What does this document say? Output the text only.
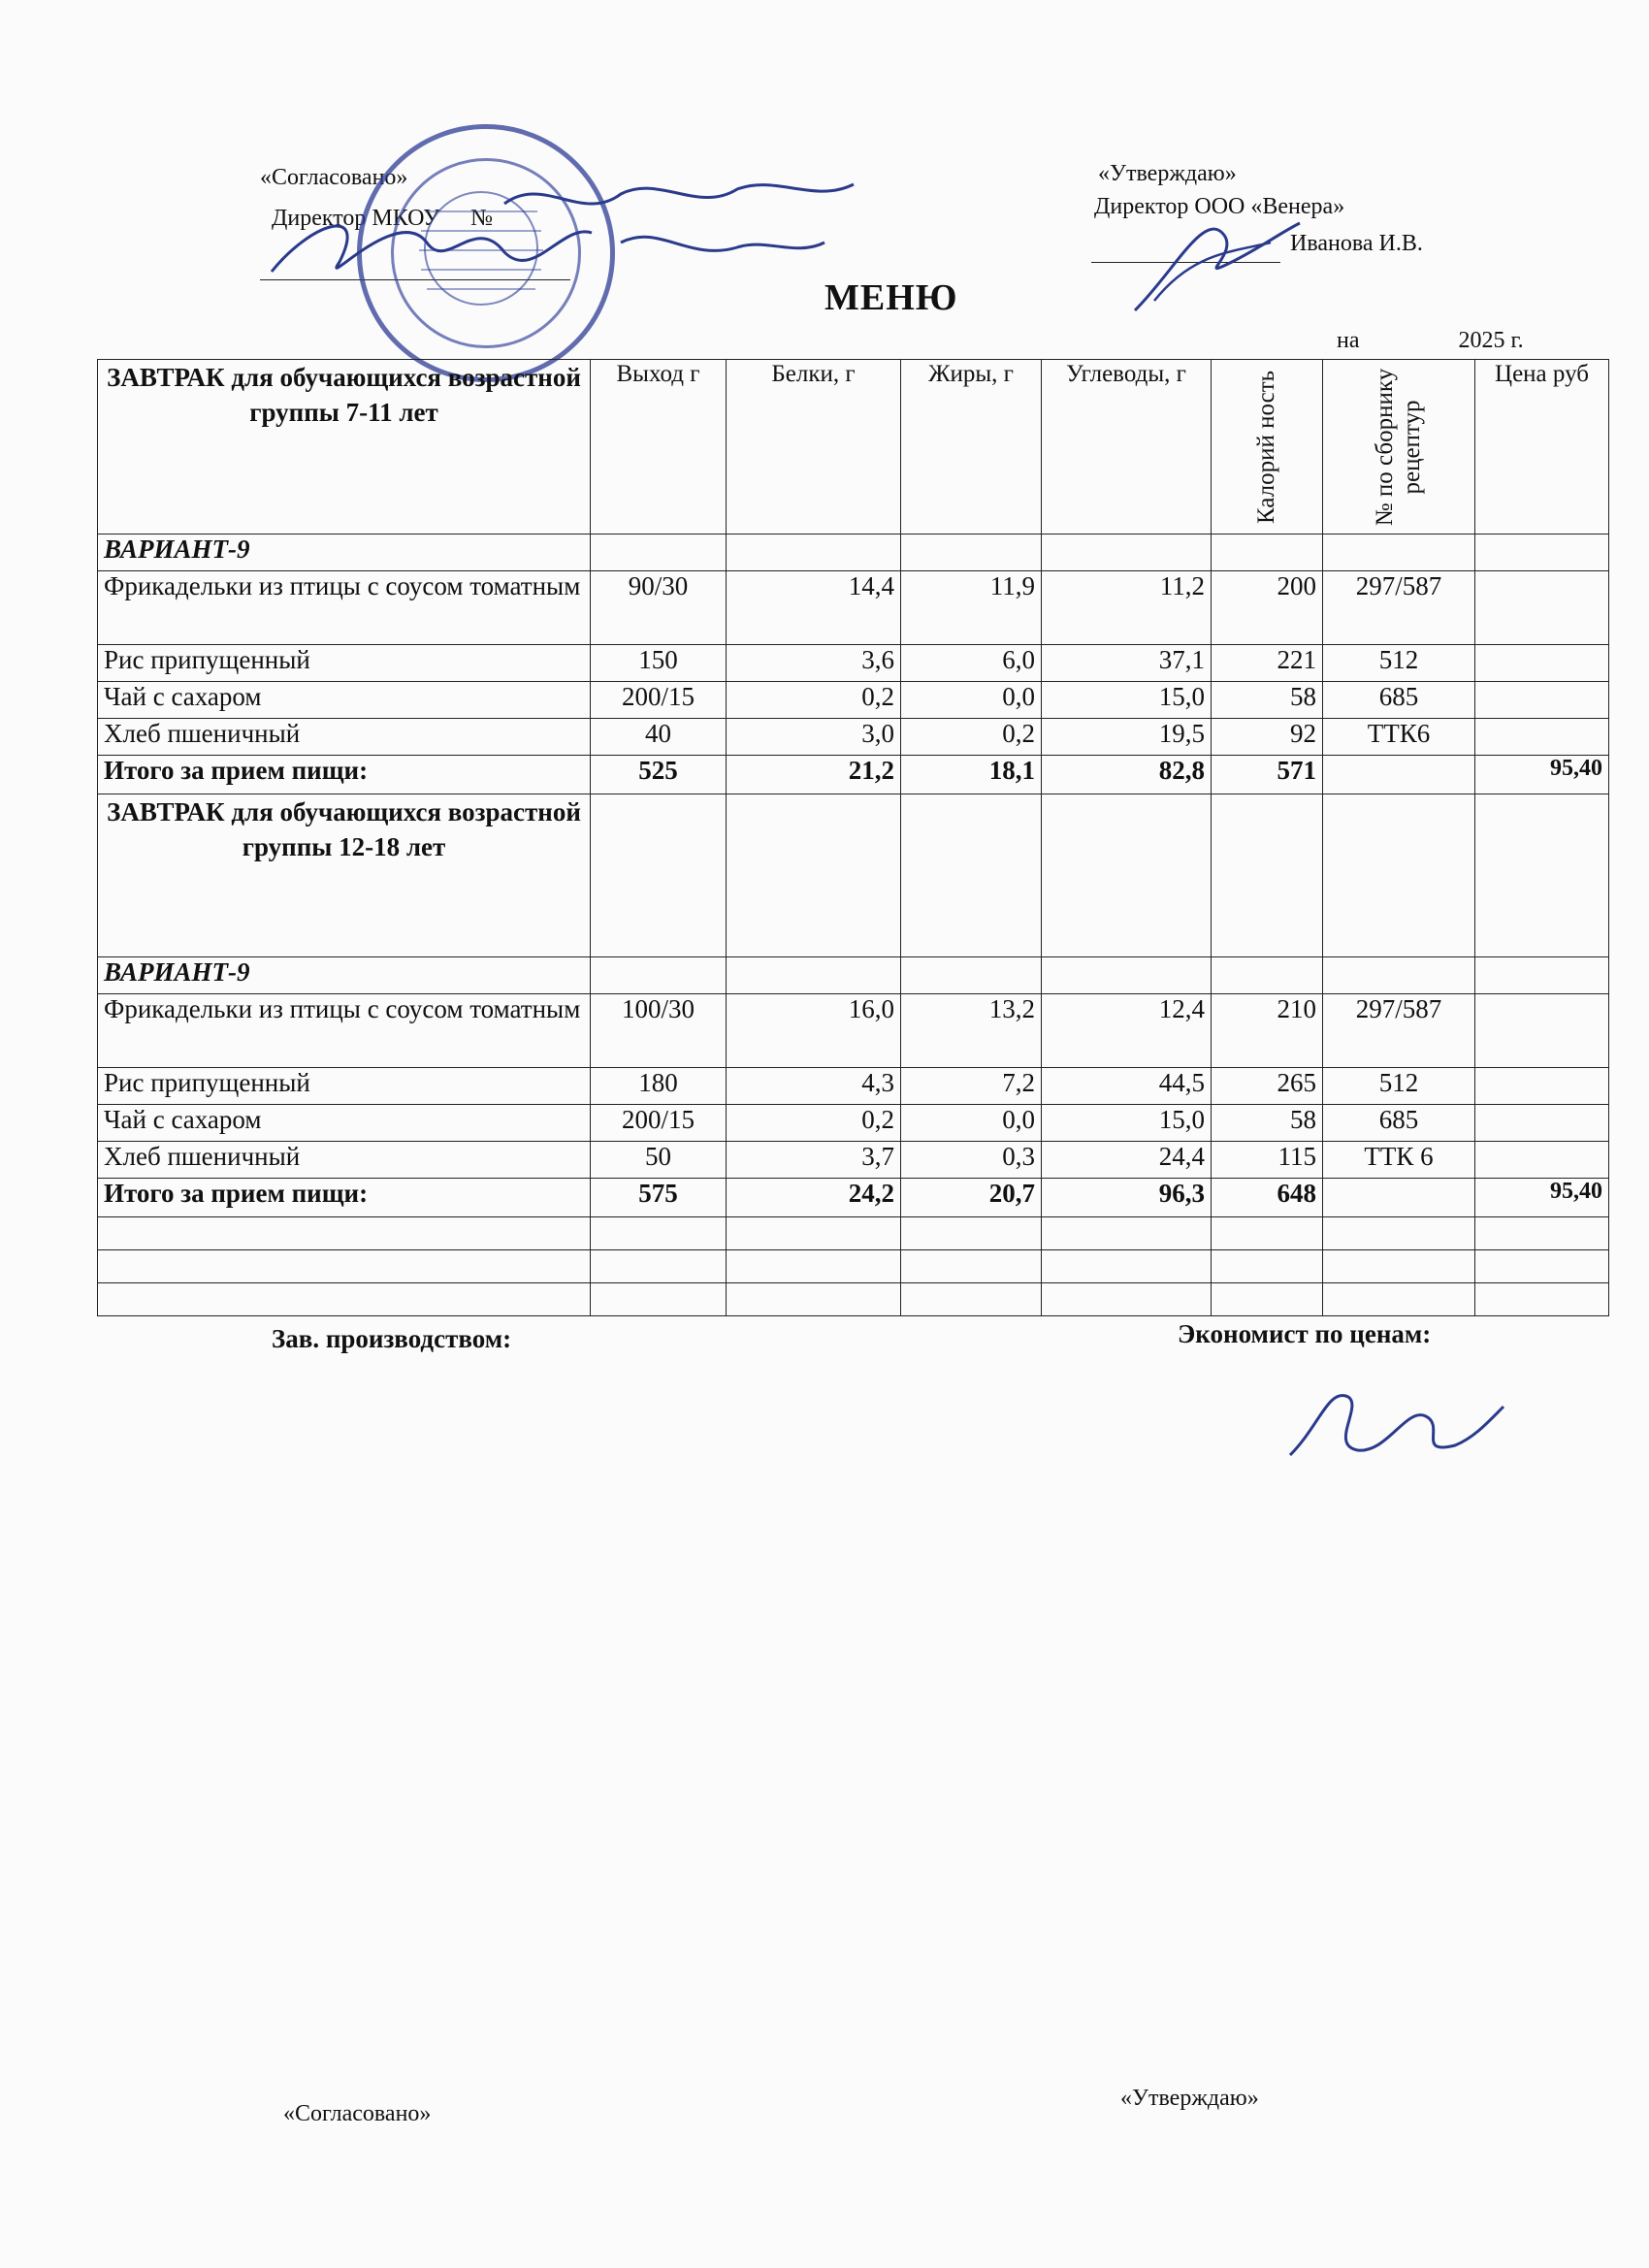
«Согласовано»
Директор МКОУ №
«Утверждаю»
Директор ООО «Венера»
Иванова И.В.
МЕНЮ
на	2025 г.
ЗАВТРАК для обучающихся возрастной группы 7-11 лет	Выход г	Белки, г	Жиры, г	Углеводы, г	Калорий ность	№ по сборнику рецептур	Цена руб
ВАРИАНТ-9							
Фрикадельки из птицы с соусом томатным	90/30	14,4	11,9	11,2	200	297/587	
Рис припущенный	150	3,6	6,0	37,1	221	512	
Чай с сахаром	200/15	0,2	0,0	15,0	58	685	
Хлеб пшеничный	40	3,0	0,2	19,5	92	ТТК6	
Итого за прием пищи:	525	21,2	18,1	82,8	571		95,40
ЗАВТРАК для обучающихся возрастной группы 12-18 лет							
ВАРИАНТ-9							
Фрикадельки из птицы с соусом томатным	100/30	16,0	13,2	12,4	210	297/587	
Рис припущенный	180	4,3	7,2	44,5	265	512	
Чай с сахаром	200/15	0,2	0,0	15,0	58	685	
Хлеб пшеничный	50	3,7	0,3	24,4	115	ТТК 6	
Итого за прием пищи:	575	24,2	20,7	96,3	648		95,40

Зав. производством:	Экономист по ценам:
«Согласовано»
«Утверждаю»
